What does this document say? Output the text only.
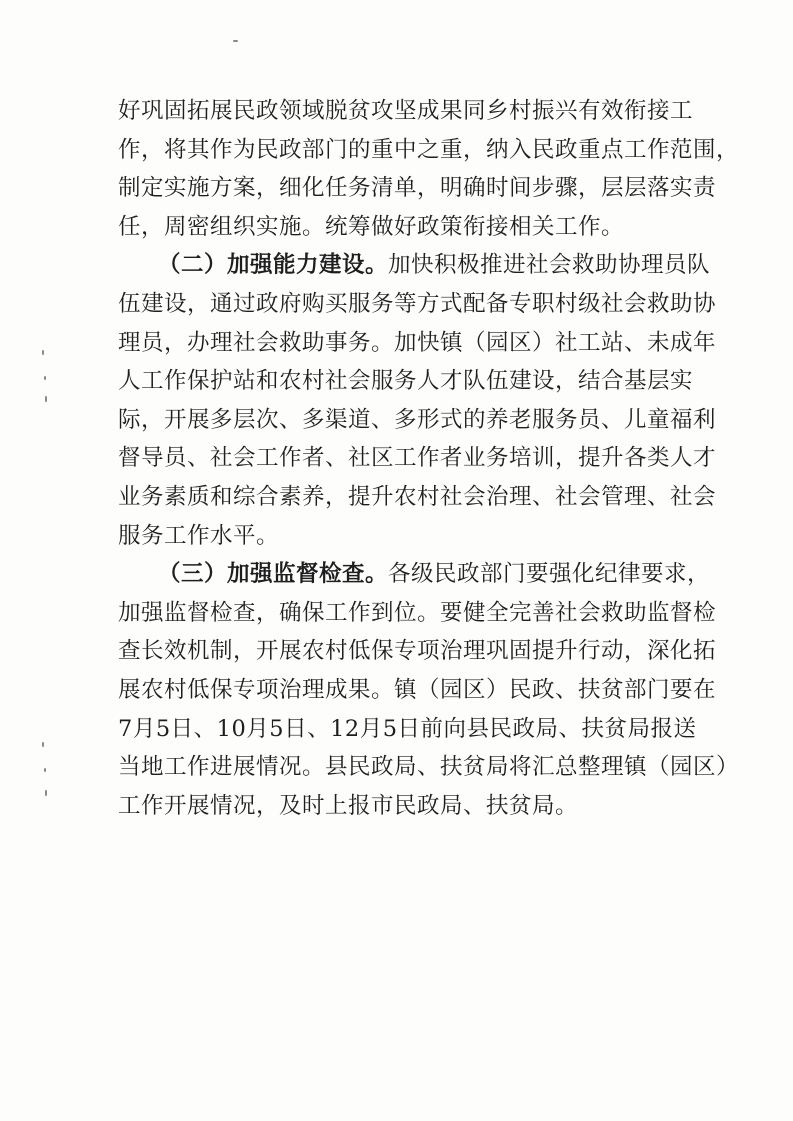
好巩固拓展民政领域脱贫攻坚成果同乡村振兴有效衔接工
作，将其作为民政部门的重中之重，纳入民政重点工作范围，
制定实施方案，细化任务清单，明确时间步骤，层层落实责
任，周密组织实施。统筹做好政策衔接相关工作。
（二）加强能力建设。加快积极推进社会救助协理员队
伍建设，通过政府购买服务等方式配备专职村级社会救助协
理员，办理社会救助事务。加快镇（园区）社工站、未成年
人工作保护站和农村社会服务人才队伍建设，结合基层实
际，开展多层次、多渠道、多形式的养老服务员、儿童福利
督导员、社会工作者、社区工作者业务培训，提升各类人才
业务素质和综合素养，提升农村社会治理、社会管理、社会
服务工作水平。
（三）加强监督检查。各级民政部门要强化纪律要求，
加强监督检查，确保工作到位。要健全完善社会救助监督检
查长效机制，开展农村低保专项治理巩固提升行动，深化拓
展农村低保专项治理成果。镇（园区）民政、扶贫部门要在
7月5日、10月5日、12月5日前向县民政局、扶贫局报送
当地工作进展情况。县民政局、扶贫局将汇总整理镇（园区）
工作开展情况，及时上报市民政局、扶贫局。
